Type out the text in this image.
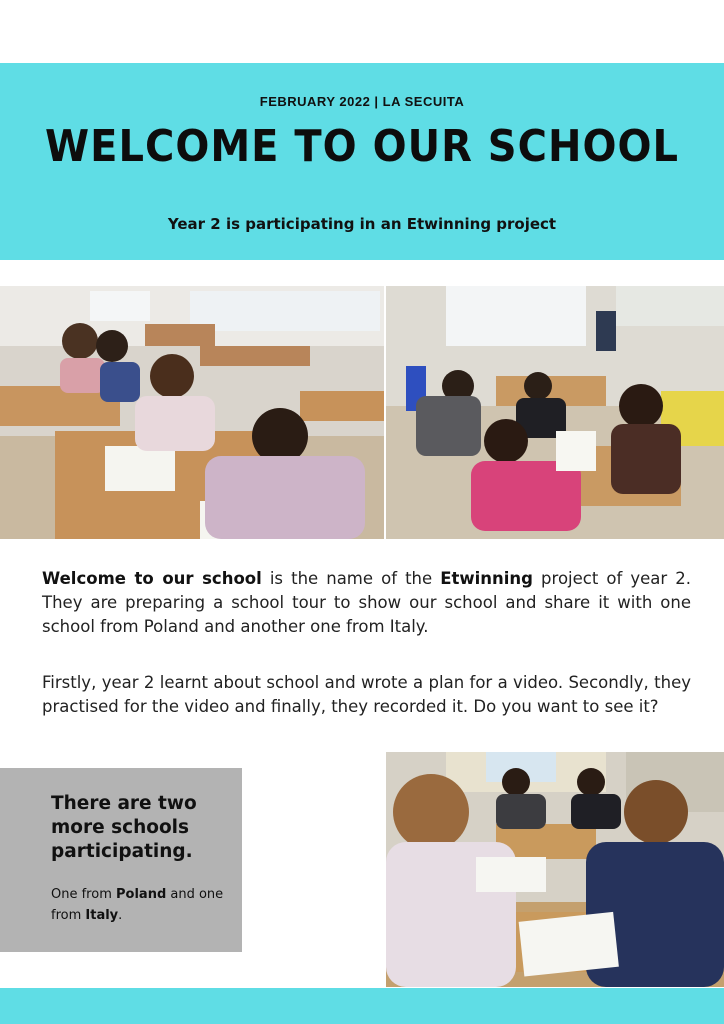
FEBRUARY 2022 | LA SECUITA
WELCOME TO OUR SCHOOL
Year 2 is participating in an Etwinning project
Welcome to our school is the name of the Etwinning project of year 2. They are preparing a school tour to show our school and share it with one school from Poland and another one from Italy.
Firstly, year 2 learnt about school and wrote a plan for a video. Secondly, they practised for the video and finally, they recorded it. Do you want to see it?
There are two more schools participating.
One from Poland and one from Italy.
